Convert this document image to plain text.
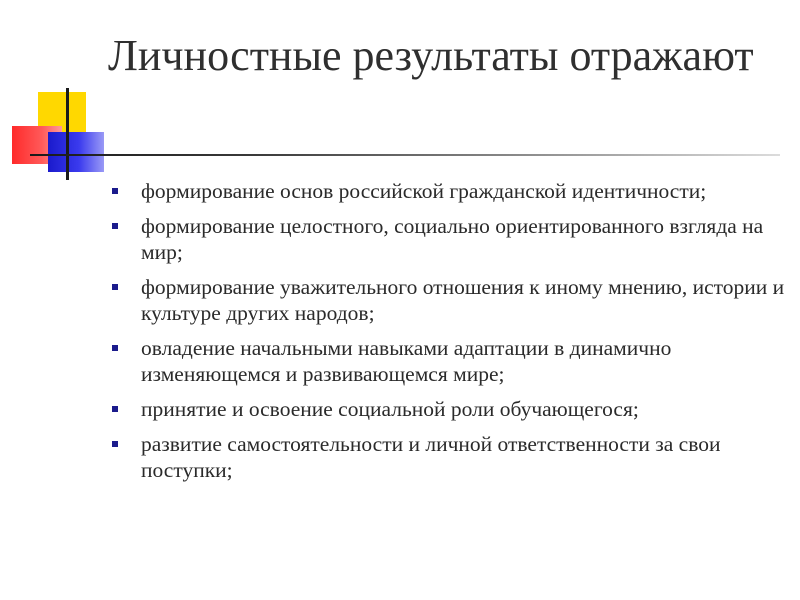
Личностные результаты отражают
формирование основ российской гражданской идентичности;
формирование целостного, социально ориентированного взгляда на мир;
формирование уважительного отношения к иному мнению, истории и культуре других народов;
овладение начальными навыками адаптации в динамично изменяющемся и развивающемся мире;
принятие и освоение социальной роли обучающегося;
развитие самостоятельности и личной ответственности за свои поступки;
